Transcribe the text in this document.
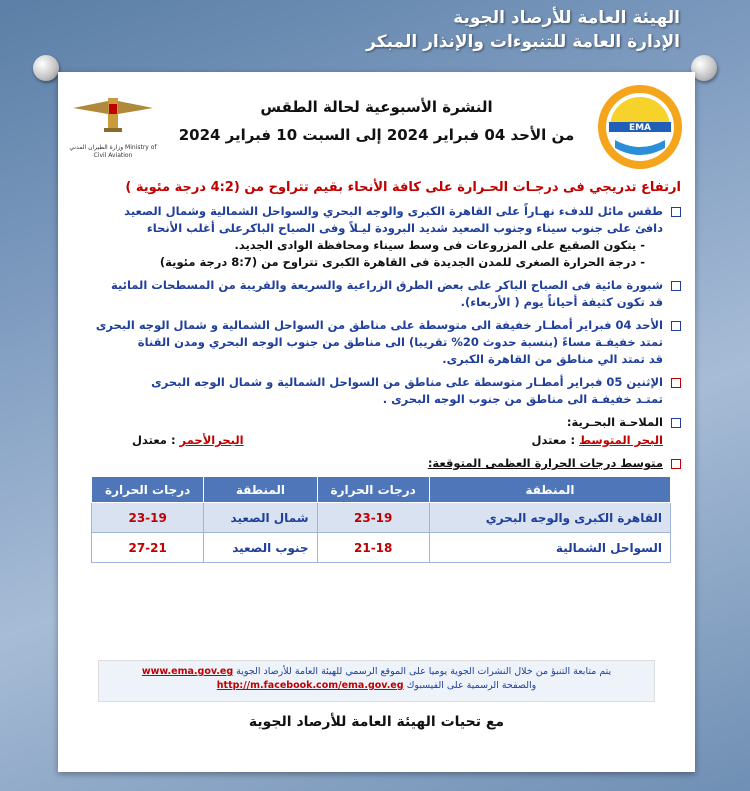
الهيئة العامة للأرصاد الجوية
الإدارة العامة للتنبوءات والإنذار المبكر
EMA
وزارة الطيران المدني Ministry of Civil Aviation
النشرة الأسبوعية لحالة الطقس
من الأحد 04 فبراير 2024 إلى السبت 10 فبراير 2024
ارتفاع تدريجي فى درجـات الحـرارة على كافة الأنحاء بقيم تتراوح من (4:2 درجة مئوية )
طقس مائل للدفء نهـاراً على القاهرة الكبرى والوجه البحري والسواحل الشمالية وشمال الصعيد
دافئ على جنوب سيناء وجنوب الصعيد شديد البرودة ليـلاً وفى الصباح الباكرعلى أغلب الأنحاء
- يتكون الصقيع على المزروعات فى وسط سيناء ومحافظة الوادى الجديد.
- درجة الحرارة الصغرى للمدن الجديدة فى القاهرة الكبرى تتراوح من (8:7 درجة مئوية)
شبورة مائية فى الصباح الباكر على بعض الطرق الزراعية والسريعة والقريبة من المسطحات المائية
قد تكون كثيفة أحياناً يوم ( الأربعاء).
الأحد 04 فبراير أمطـار خفيفة الى متوسطة على مناطق من السواحل الشمالية و شمال الوجه البحرى
تمتد خفيفـة مساءً (بنسبة حدوث 20% تقريبا) الى مناطق من جنوب الوجه البحري ومدن القناة
قد تمتد الي مناطق من القاهرة الكبرى.
الإثنين 05 فبراير أمطـار متوسطة على مناطق من السواحل الشمالية و شمال الوجه البحرى
تمتـد خفيفـة الى مناطق من جنوب الوجه البحرى .
الملاحـة البحـرية:
البحر المتوسط : معتدل
البحرالأحمر : معتدل
متوسط درجات الحرارة العظمى المتوقعة:
المنطقة	درجات الحرارة	المنطقة	درجات الحرارة
القاهرة الكبرى والوجه البحري	23-19	شمال الصعيد	23-19
السواحل الشمالية	21-18	جنوب الصعيد	27-21
يتم متابعة التنبؤ من خلال النشرات الجوية يوميا على الموقع الرسمي للهيئة العامة للأرصاد الجوية www.ema.gov.eg
والصفحة الرسمية على الفيسبوك http://m.facebook.com/ema.gov.eg
مع تحيات الهيئة العامة للأرصاد الجوية
